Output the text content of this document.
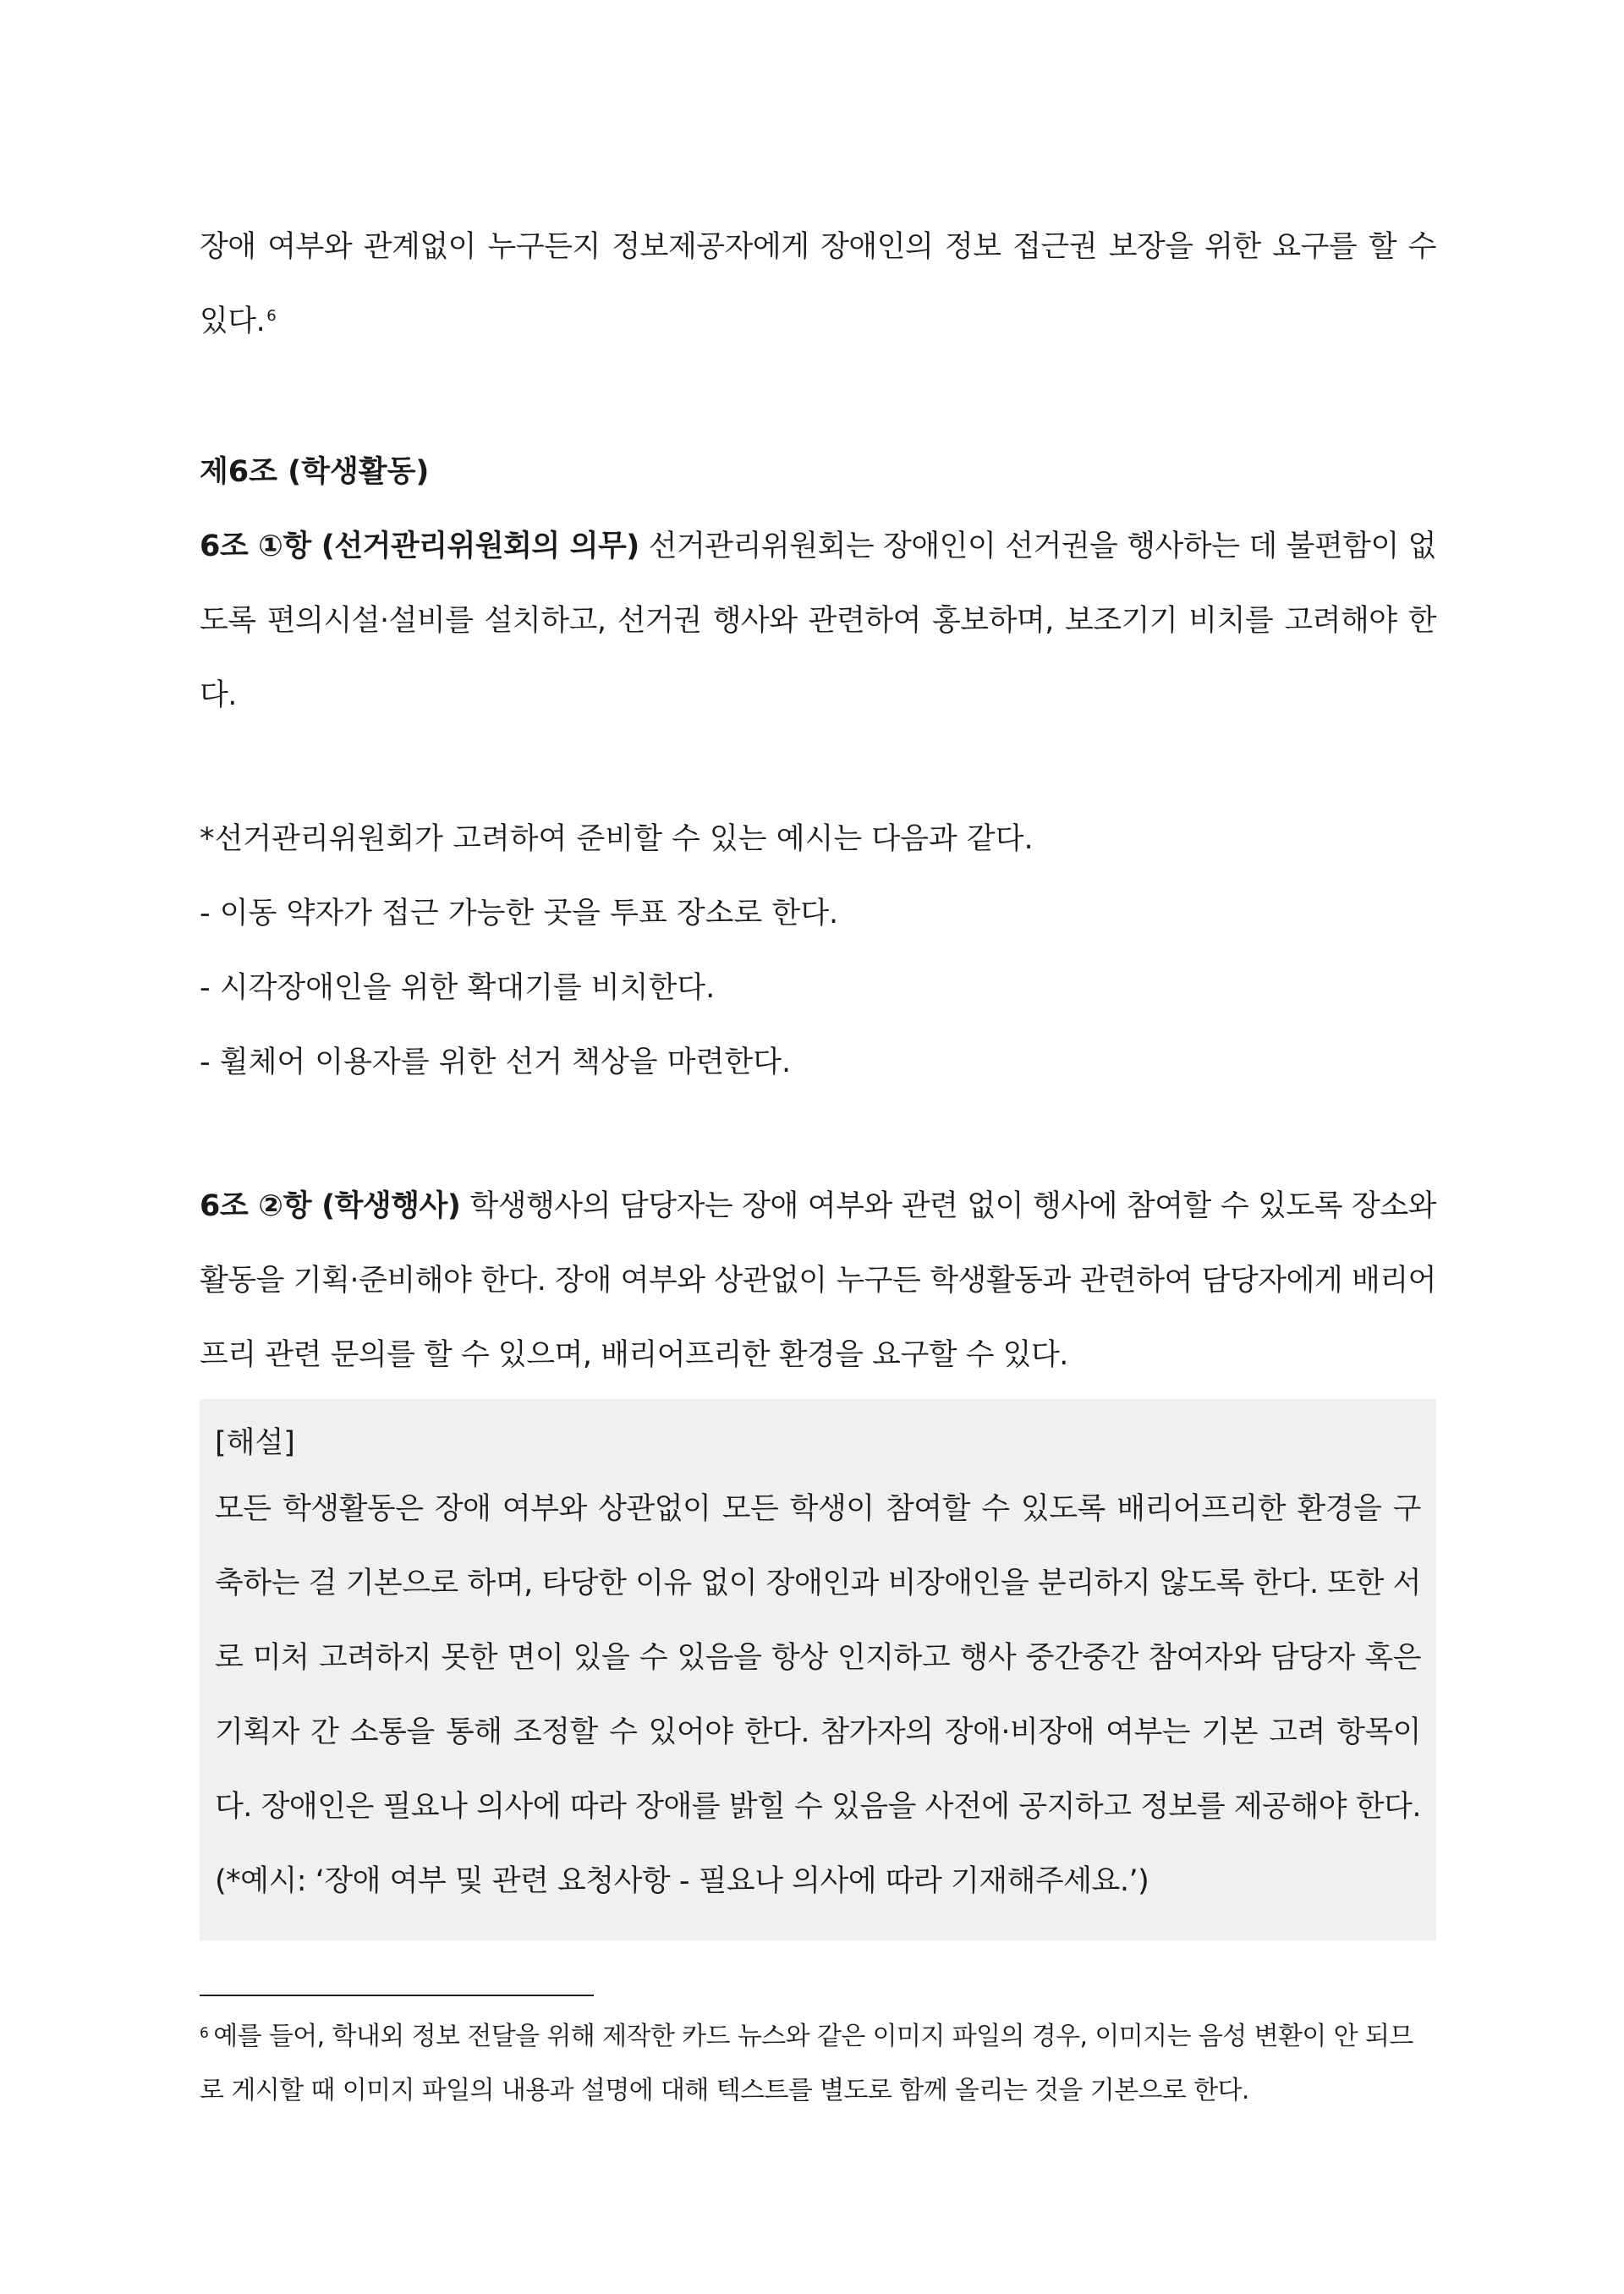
장애 여부와 관계없이 누구든지 정보제공자에게 장애인의 정보 접근권 보장을 위한 요구를 할 수 있다. $^6$

제6조 (학생활동)

6조 ①항 (선거관리위원회의 의무) 선거관리위원회는 장애인이 선거권을 행사하는 데 불편함이 없도록 편의시설·설비를 설치하고, 선거권 행사와 관련하여 홍보하며, 보조기기 비치를 고려해야 한다.

*선거관리위원회가 고려하여 준비할 수 있는 예시는 다음과 같다.

- 이동 약자가 접근 가능한 곳을 투표 장소로 한다.

- 시각장애인을 위한 확대기를 비치한다.

- 휠체어 이용자를 위한 선거 책상을 마련한다.

6조 ②항 (학생행사) 학생행사의 담당자는 장애 여부와 관련 없이 행사에 참여할 수 있도록 장소와 활동을 기획·준비해야 한다. 장애 여부와 상관없이 누구든 학생활동과 관련하여 담당자에게 배리어프리 관련 문의를 할 수 있으며, 배리어프리한 환경을 요구할 수 있다.

[해설]

모든 학생활동은 장애 여부와 상관없이 모든 학생이 참여할 수 있도록 배리어프리한 환경을 구축하는 걸 기본으로 하며, 타당한 이유 없이 장애인과 비장애인을 분리하지 않도록 한다. 또한 서로 미처 고려하지 못한 면이 있을 수 있음을 항상 인지하고 행사 중간중간 참여자와 담당자 혹은 기획자 간 소통을 통해 조정할 수 있어야 한다. 참가자의 장애·비장애 여부는 기본 고려 항목이다. 장애인은 필요나 의사에 따라 장애를 밝힐 수 있음을 사전에 공지하고 정보를 제공해야 한다. (*예시: ‘장애 여부 및 관련 요청사항 - 필요나 의사에 따라 기재해주세요.’)

$^6$ 예를 들어, 학내외 정보 전달을 위해 제작한 카드 뉴스와 같은 이미지 파일의 경우, 이미지는 음성 변환이 안 되므로 게시할 때 이미지 파일의 내용과 설명에 대해 텍스트를 별도로 함께 올리는 것을 기본으로 한다.
